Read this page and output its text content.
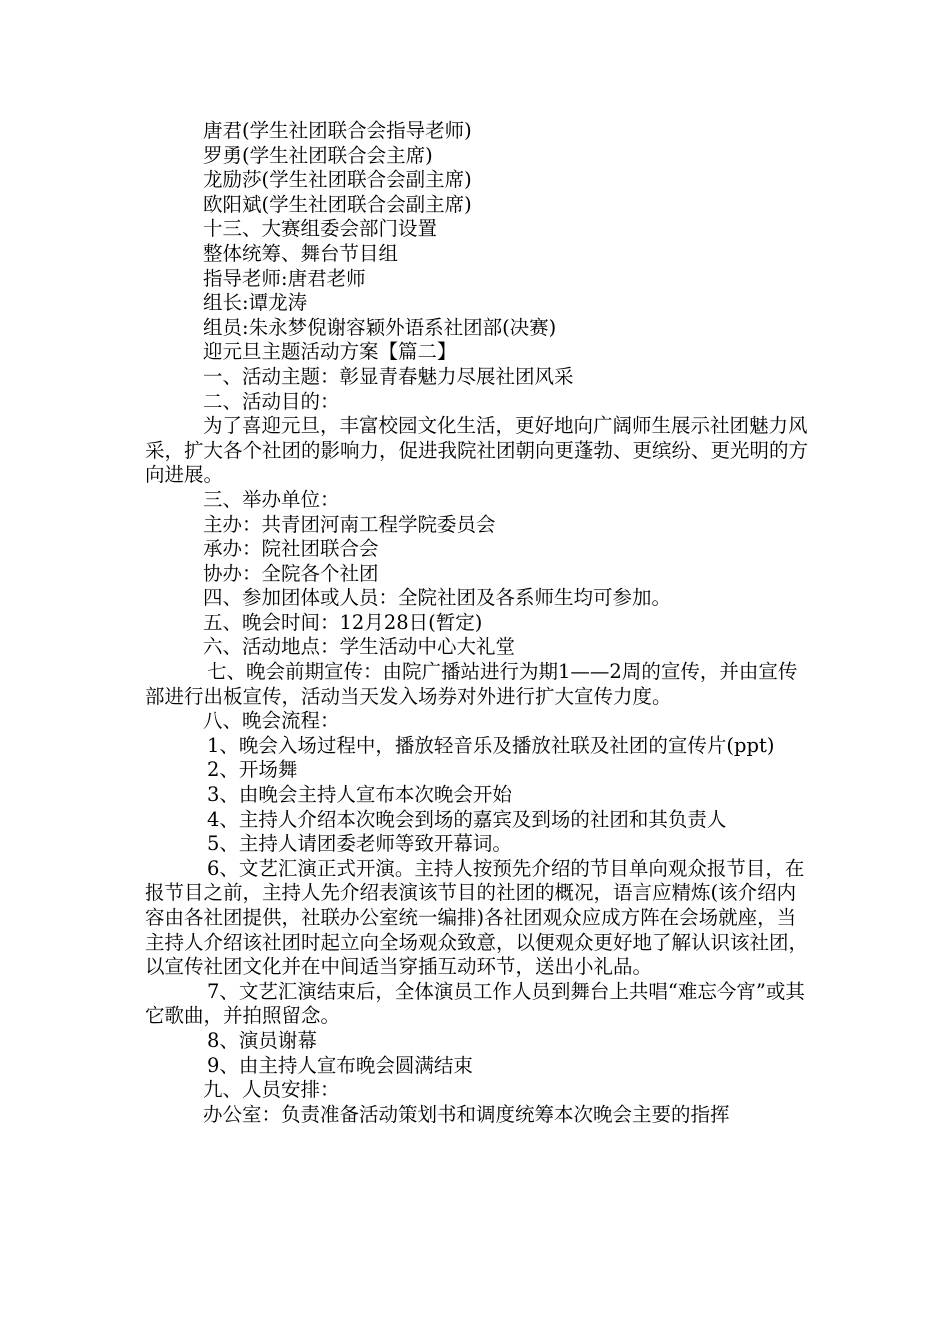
唐君(学生社团联合会指导老师)
罗勇(学生社团联合会主席)
龙励莎(学生社团联合会副主席)
欧阳斌(学生社团联合会副主席)
十三、大赛组委会部门设置
整体统筹、舞台节目组
指导老师:唐君老师
组长:谭龙涛
组员:朱永梦倪谢容颖外语系社团部(决赛)
迎元旦主题活动方案【篇二】
一、活动主题：彰显青春魅力尽展社团风采
二、活动目的：
为了喜迎元旦，丰富校园文化生活，更好地向广阔师生展示社团魅力风采，扩大各个社团的影响力，促进我院社团朝向更蓬勃、更缤纷、更光明的方向进展。
三、举办单位：
主办：共青团河南工程学院委员会
承办：院社团联合会
协办：全院各个社团
四、参加团体或人员：全院社团及各系师生均可参加。
五、晚会时间：12月28日(暂定)
六、活动地点：学生活动中心大礼堂
七、晚会前期宣传：由院广播站进行为期1——2周的宣传，并由宣传部进行出板宣传，活动当天发入场券对外进行扩大宣传力度。
八、晚会流程：
1、晚会入场过程中，播放轻音乐及播放社联及社团的宣传片(ppt)
2、开场舞
3、由晚会主持人宣布本次晚会开始
4、主持人介绍本次晚会到场的嘉宾及到场的社团和其负责人
5、主持人请团委老师等致开幕词。
6、文艺汇演正式开演。主持人按预先介绍的节目单向观众报节目，在报节目之前，主持人先介绍表演该节目的社团的概况，语言应精炼(该介绍内容由各社团提供，社联办公室统一编排)各社团观众应成方阵在会场就座，当主持人介绍该社团时起立向全场观众致意，以便观众更好地了解认识该社团，以宣传社团文化并在中间适当穿插互动环节，送出小礼品。
7、文艺汇演结束后，全体演员工作人员到舞台上共唱“难忘今宵”或其它歌曲，并拍照留念。
8、演员谢幕
9、由主持人宣布晚会圆满结束
九、人员安排：
办公室：负责准备活动策划书和调度统筹本次晚会主要的指挥
